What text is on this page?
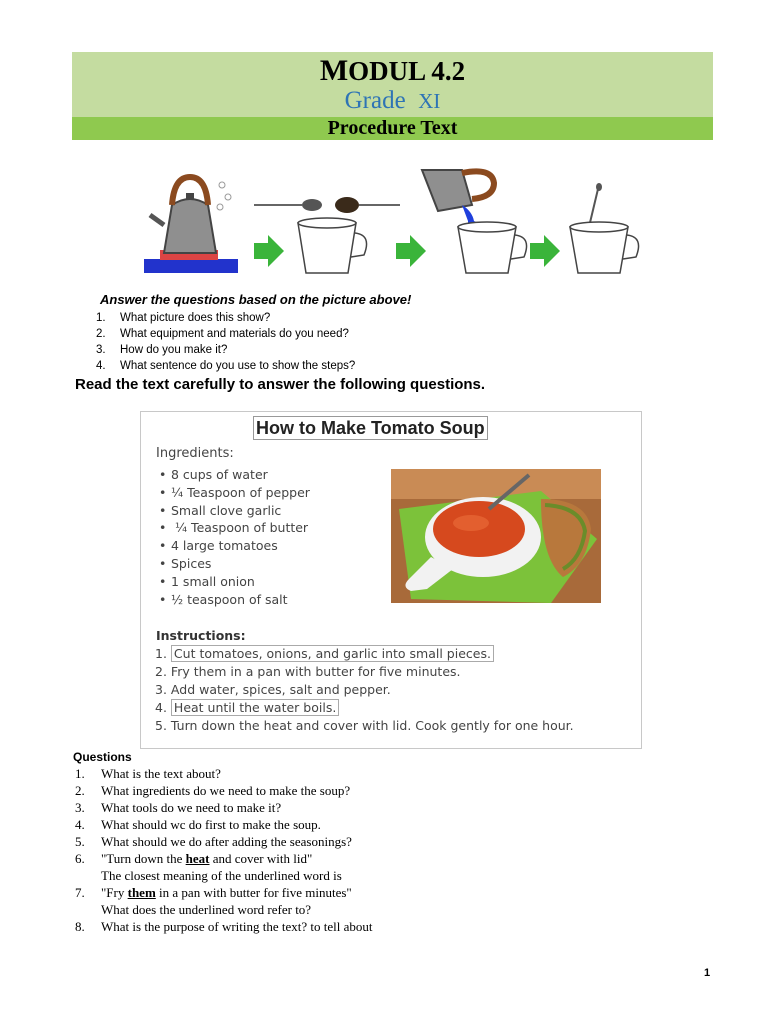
MODUL 4.2
Grade XI
Procedure Text
Answer the questions based on the picture above!
1. What picture does this show?
2. What equipment and materials do you need?
3. How do you make it?
4. What sentence do you use to show the steps?
Read the text carefully to answer the following questions.
How to Make Tomato Soup
Ingredients:
• 8 cups of water
• ¼ Teaspoon of pepper
• Small clove garlic
• ¼ Teaspoon of butter
• 4 large tomatoes
• Spices
• 1 small onion
• ½ teaspoon of salt
Instructions:
1. Cut tomatoes, onions, and garlic into small pieces.
2. Fry them in a pan with butter for five minutes.
3. Add water, spices, salt and pepper.
4. Heat until the water boils.
5. Turn down the heat and cover with lid. Cook gently for one hour.
Questions
1. What is the text about?
2. What ingredients do we need to make the soup?
3. What tools do we need to make it?
4. What should wc do first to make the soup.
5. What should we do after adding the seasonings?
6. "Turn down the heat and cover with lid"
The closest meaning of the underlined word is
7. "Fry them in a pan with butter for five minutes"
What does the underlined word refer to?
8. What is the purpose of writing the text? to tell about
1
